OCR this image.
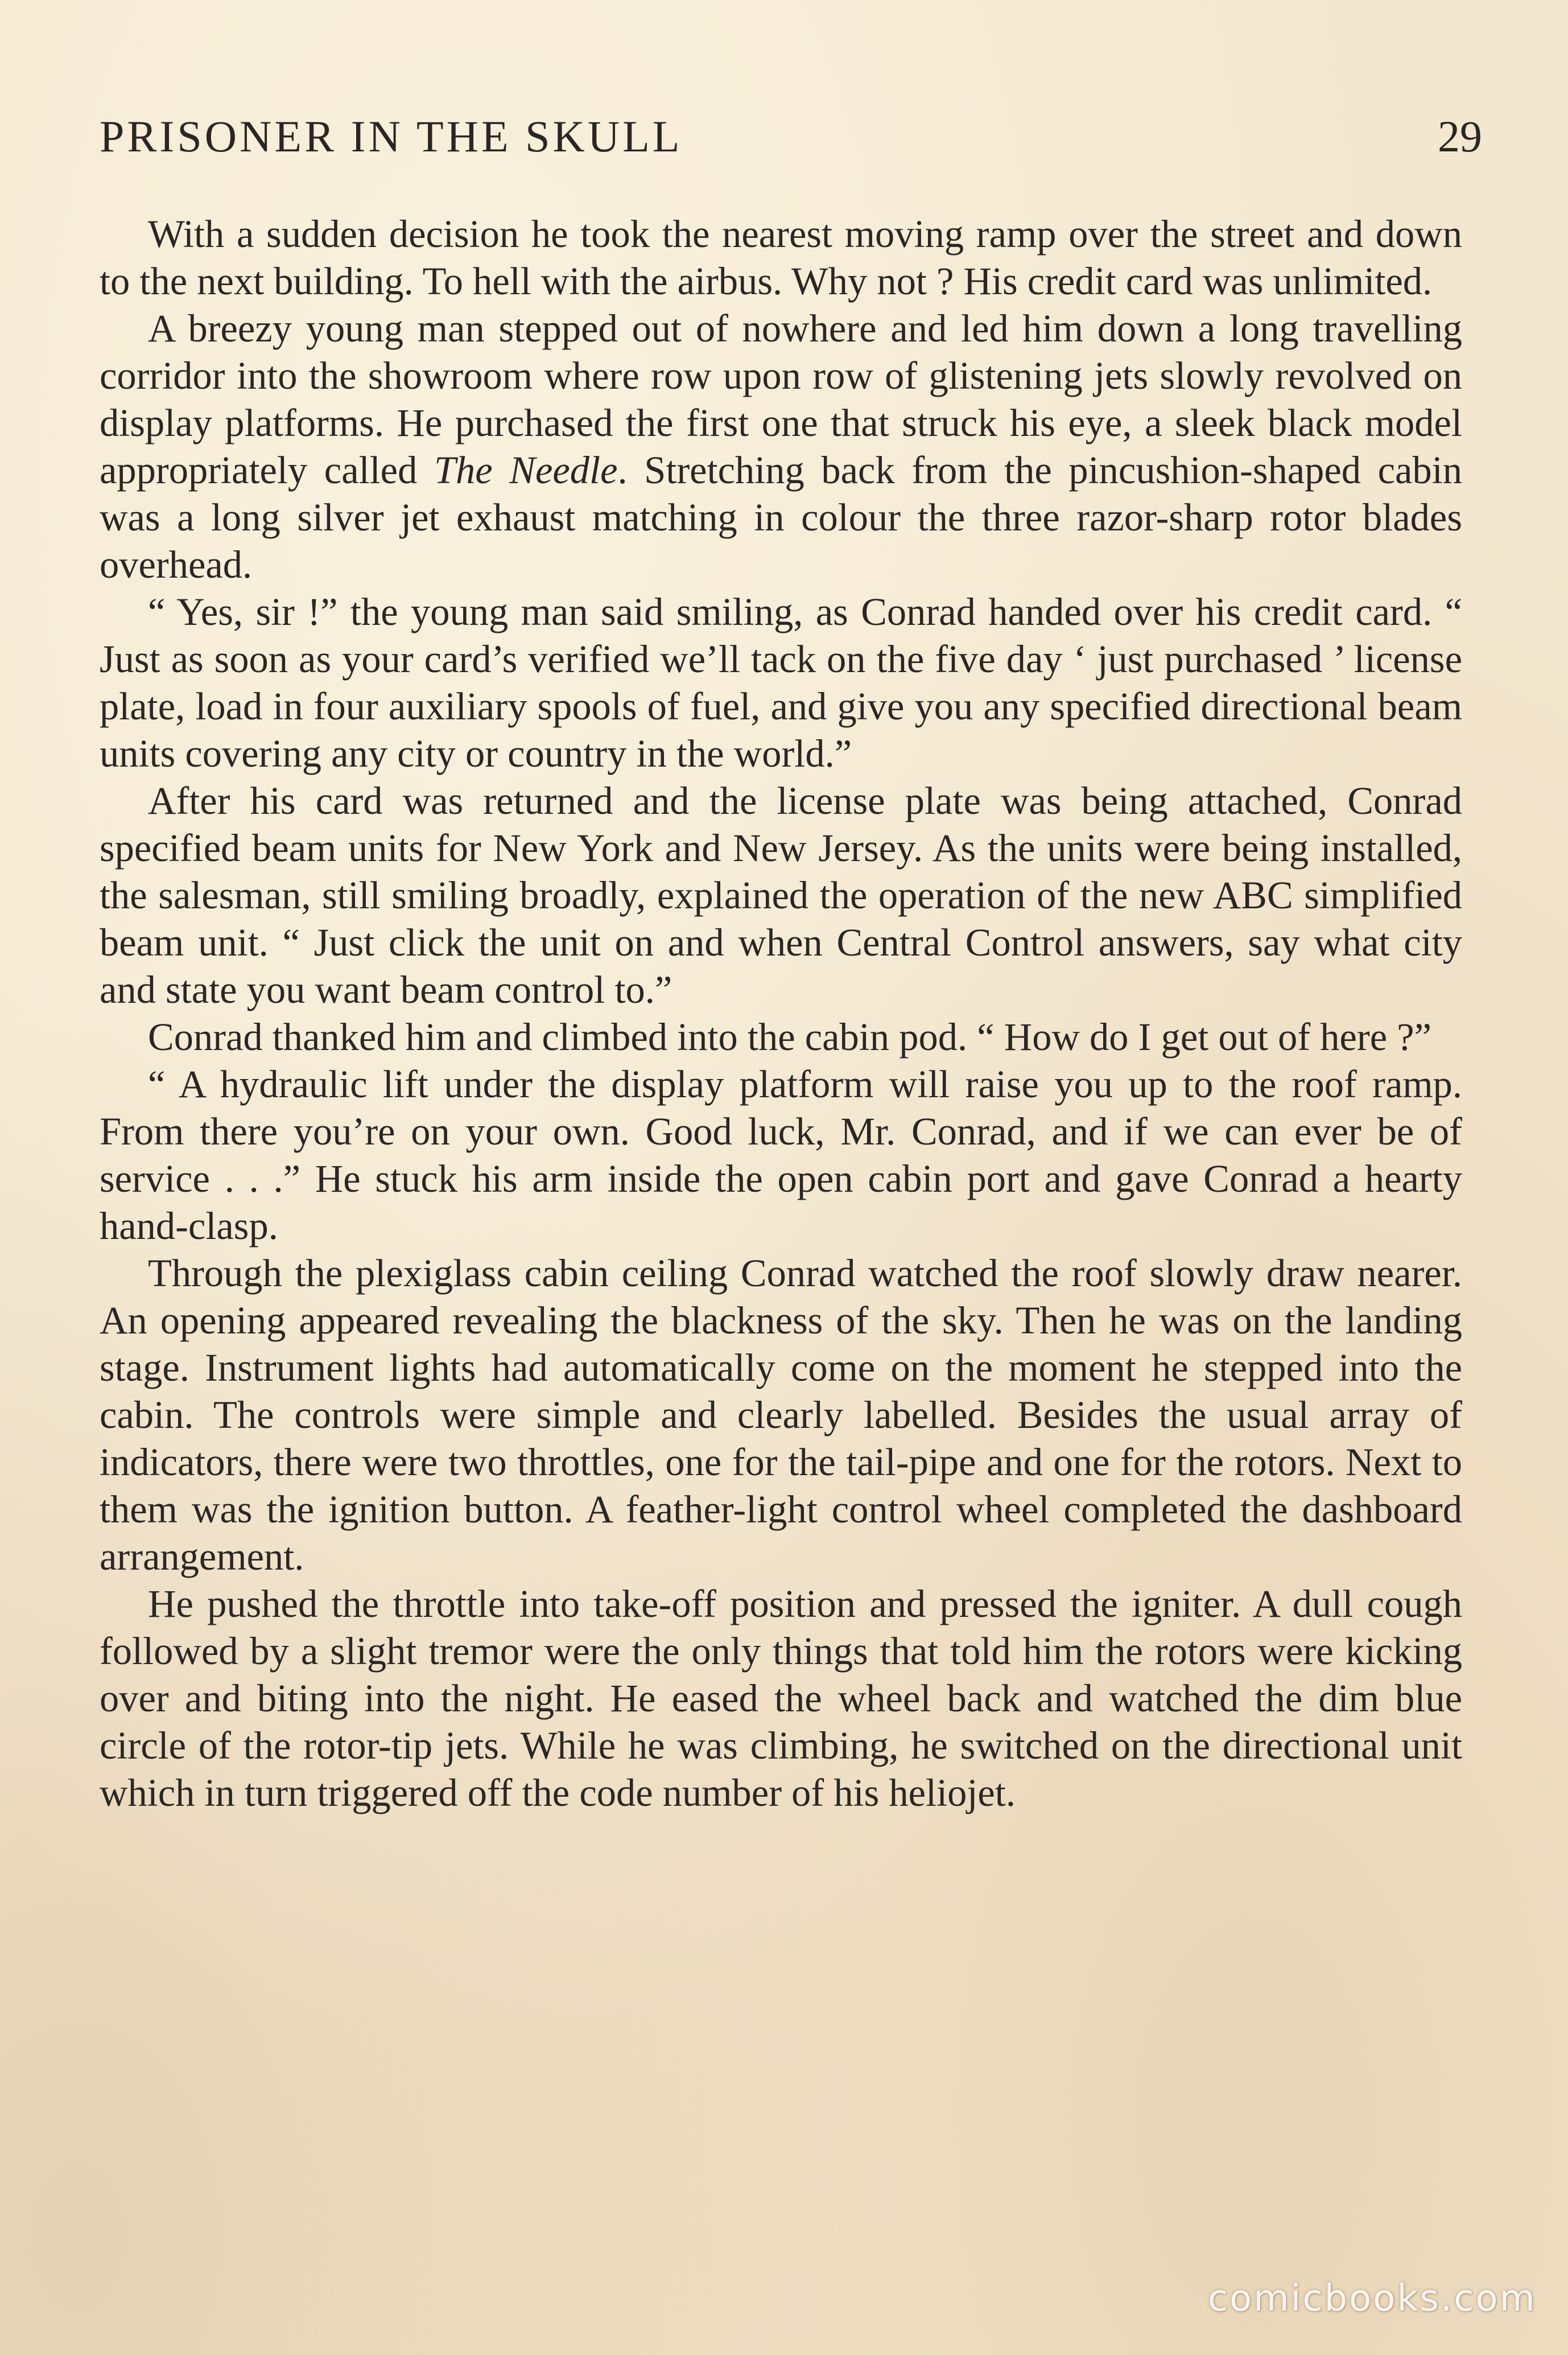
PRISONER IN THE SKULL	29

With a sudden decision he took the nearest moving ramp over the street and down to the next building. To hell with the airbus. Why not ? His credit card was unlimited.

A breezy young man stepped out of nowhere and led him down a long travelling corridor into the showroom where row upon row of glistening jets slowly revolved on display platforms. He purchased the first one that struck his eye, a sleek black model appropriately called The Needle. Stretching back from the pincushion-shaped cabin was a long silver jet exhaust matching in colour the three razor-sharp rotor blades overhead.

“ Yes, sir !” the young man said smiling, as Conrad handed over his credit card. “ Just as soon as your card’s verified we’ll tack on the five day ‘ just purchased ’ license plate, load in four auxiliary spools of fuel, and give you any specified directional beam units covering any city or country in the world.”

After his card was returned and the license plate was being attached, Conrad specified beam units for New York and New Jersey. As the units were being installed, the salesman, still smiling broadly, explained the operation of the new ABC simplified beam unit. “ Just click the unit on and when Central Control answers, say what city and state you want beam control to.”

Conrad thanked him and climbed into the cabin pod. “ How do I get out of here ?”

“ A hydraulic lift under the display platform will raise you up to the roof ramp. From there you’re on your own. Good luck, Mr. Conrad, and if we can ever be of service . . .” He stuck his arm inside the open cabin port and gave Conrad a hearty hand-clasp.

Through the plexiglass cabin ceiling Conrad watched the roof slowly draw nearer. An opening appeared revealing the blackness of the sky. Then he was on the landing stage. Instrument lights had automatically come on the moment he stepped into the cabin. The controls were simple and clearly labelled. Besides the usual array of indicators, there were two throttles, one for the tail-pipe and one for the rotors. Next to them was the ignition button. A feather-light control wheel completed the dashboard arrangement.

He pushed the throttle into take-off position and pressed the igniter. A dull cough followed by a slight tremor were the only things that told him the rotors were kicking over and biting into the night. He eased the wheel back and watched the dim blue circle of the rotor-tip jets. While he was climbing, he switched on the directional unit which in turn triggered off the code number of his heliojet.

comicbooks.com
